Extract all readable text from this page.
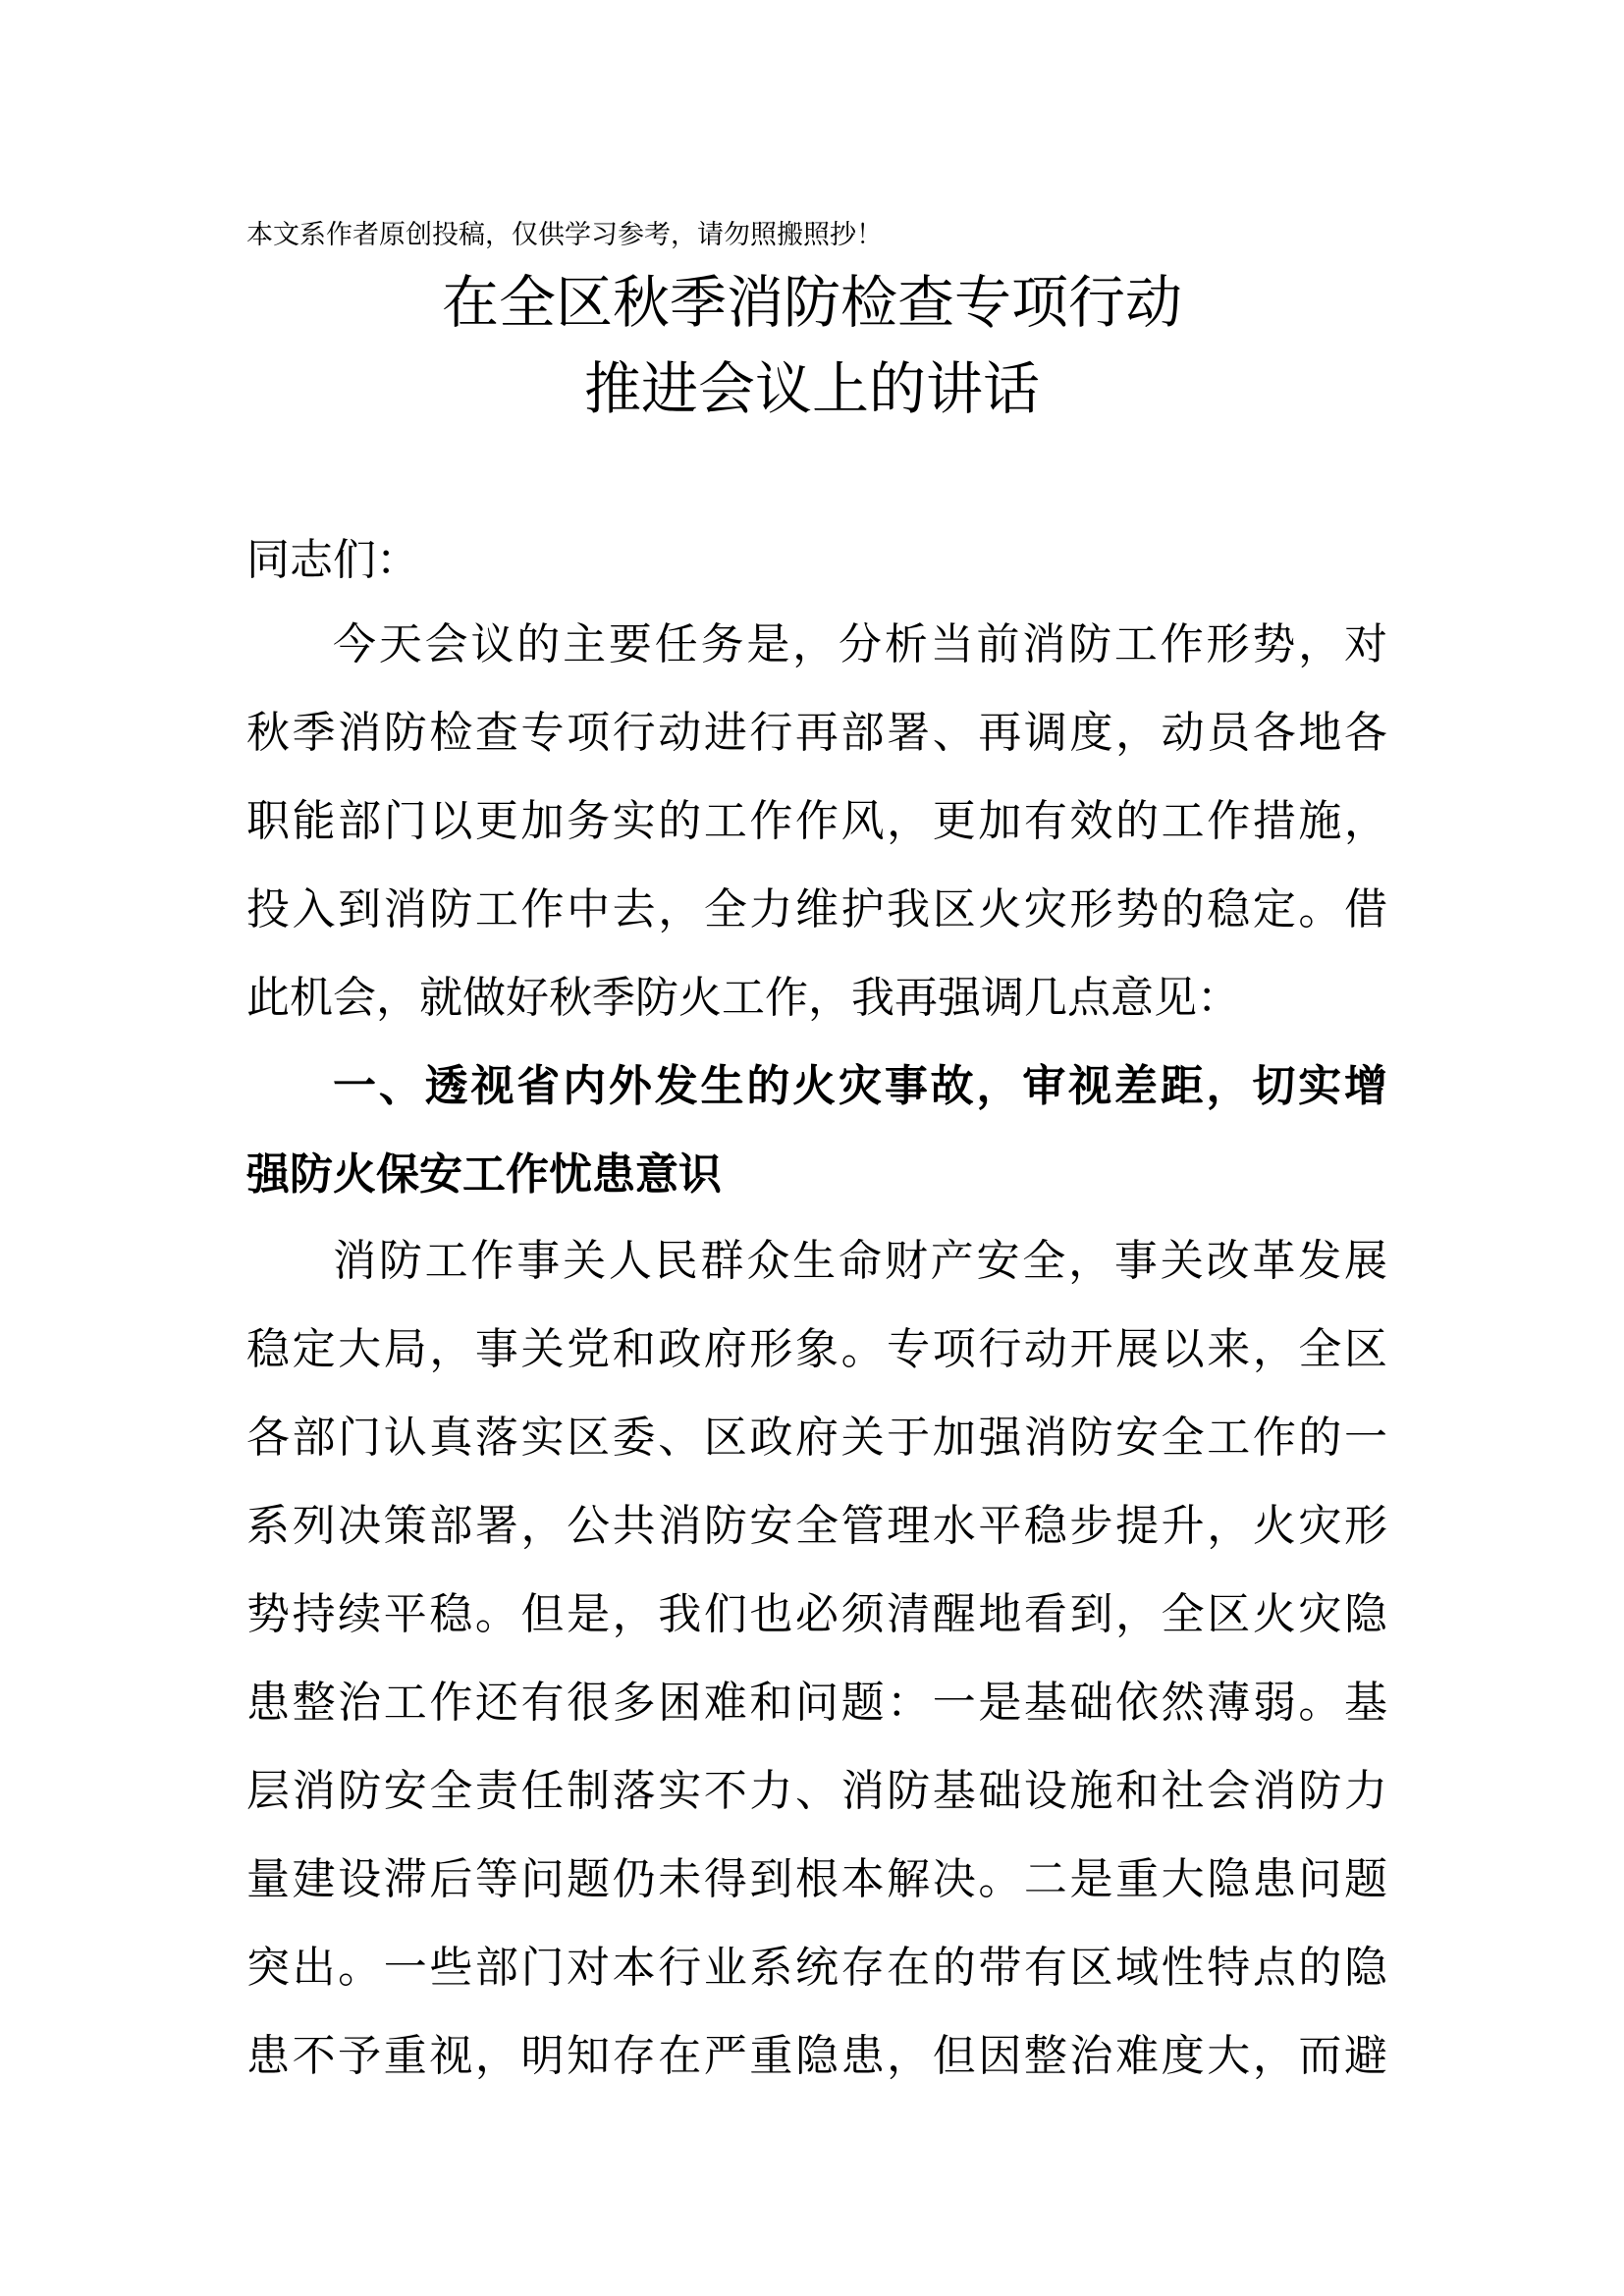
本文系作者原创投稿，仅供学习参考，请勿照搬照抄！
在全区秋季消防检查专项行动
推进会议上的讲话
同志们：
今天会议的主要任务是，分析当前消防工作形势，对
秋季消防检查专项行动进行再部署、再调度，动员各地各
职能部门以更加务实的工作作风，更加有效的工作措施，
投入到消防工作中去，全力维护我区火灾形势的稳定。借
此机会，就做好秋季防火工作，我再强调几点意见：
一、透视省内外发生的火灾事故，审视差距，切实增
强防火保安工作忧患意识
消防工作事关人民群众生命财产安全，事关改革发展
稳定大局，事关党和政府形象。专项行动开展以来，全区
各部门认真落实区委、区政府关于加强消防安全工作的一
系列决策部署，公共消防安全管理水平稳步提升，火灾形
势持续平稳。但是，我们也必须清醒地看到，全区火灾隐
患整治工作还有很多困难和问题：一是基础依然薄弱。基
层消防安全责任制落实不力、消防基础设施和社会消防力
量建设滞后等问题仍未得到根本解决。二是重大隐患问题
突出。一些部门对本行业系统存在的带有区域性特点的隐
患不予重视，明知存在严重隐患，但因整治难度大，而避
